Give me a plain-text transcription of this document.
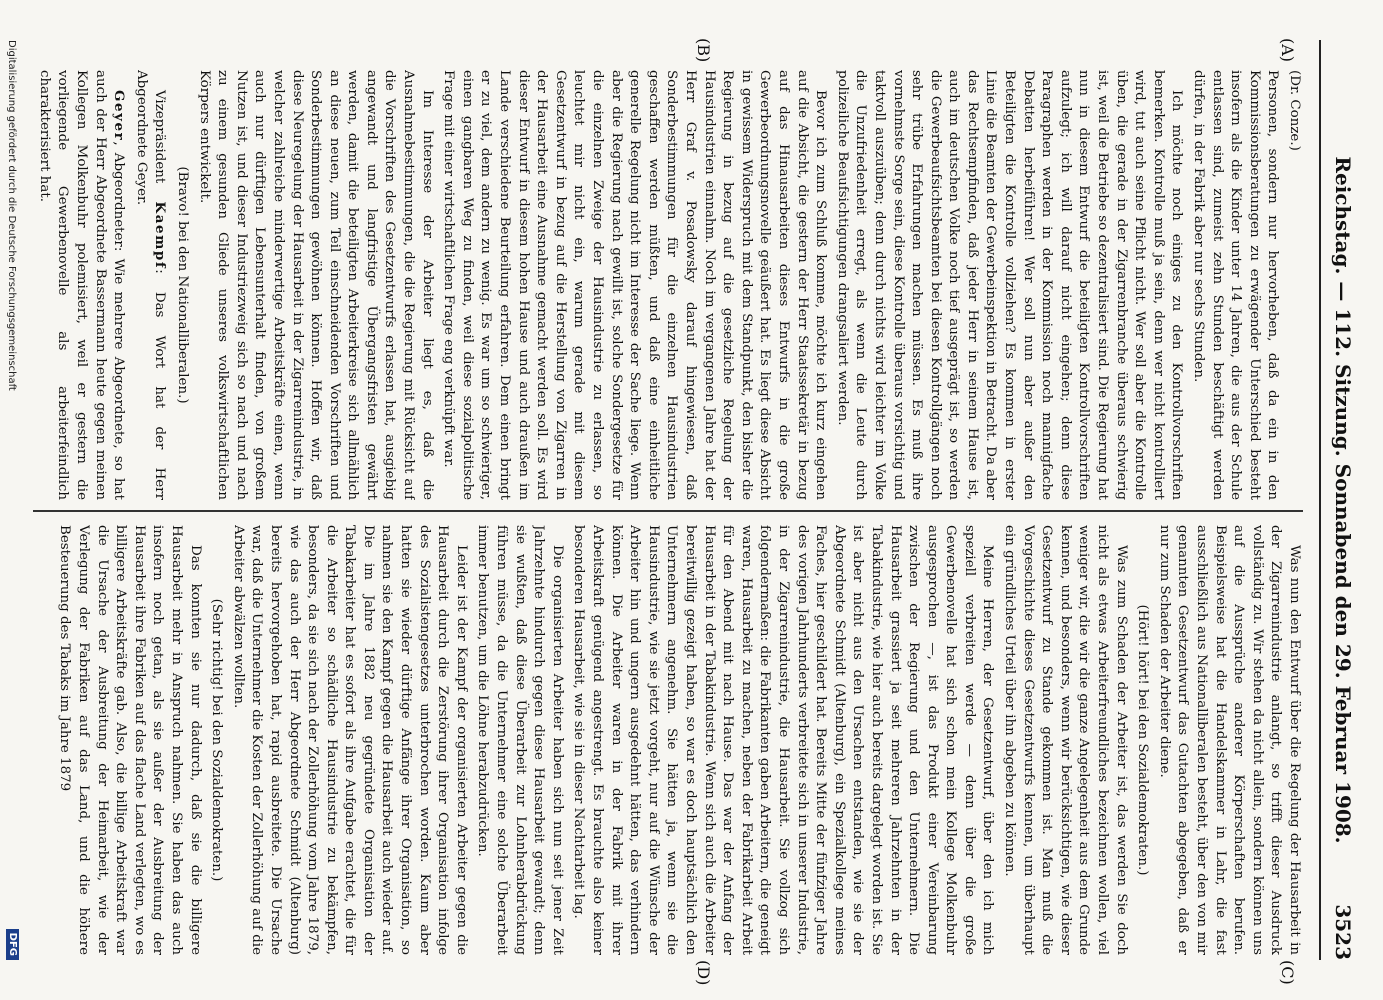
Reichstag. — 112. Sitzung. Sonnabend den 29. Februar 1908.
3523
(A)
(B)
(C)
(D)

(Dr. Conze.)

Personen, sondern nur hervorheben, daß da ein in den Kommissionsberatungen zu erwägender Unterschied besteht insofern als die Kinder unter 14 Jahren, die aus der Schule entlassen sind, zumeist zehn Stunden beschäftigt werden dürfen, in der Fabrik aber nur sechs Stunden.

Ich möchte noch einiges zu den Kontrollvorschriften bemerken. Kontrolle muß ja sein, denn wer nicht kontrolliert wird, tut auch seine Pflicht nicht. Wer soll aber die Kontrolle üben, die gerade in der Zigarrenbranche überaus schwierig ist, weil die Betriebe so dezentralisiert sind. Die Regierung hat nun in diesem Entwurf die beteiligten Kontrollvorschriften aufzulegt; ich will darauf nicht eingehen; denn diese Paragraphen werden in der Kommission noch mannigfache Debatten herbeiführen! Wer soll nun aber außer den Beteiligten die Kontrolle vollziehen? Es kommen in erster Linie die Beamten der Gewerbeinspektion in Betracht. Da aber das Rechtsempfinden, daß jeder Herr in seinem Hause ist, auch im deutschen Volke noch tief ausgeprägt ist, so werden die Gewerbeaufsichtsbeamten bei diesen Kontrollgängen noch sehr trübe Erfahrungen machen müssen. Es muß ihre vornehmste Sorge sein, diese Kontrolle überaus vorsichtig und taktvoll auszuüben; denn durch nichts wird leichter im Volke die Unzufriedenheit erregt, als wenn die Leute durch polizeiliche Beaufsichtigungen drangsaliert werden.

Bevor ich zum Schluß komme, möchte ich kurz eingehen auf die Absicht, die gestern der Herr Staatssekretär in bezug auf das Hinausarbeiten dieses Entwurfs in die große Gewerbeordnungsnovelle geäußert hat. Es liegt diese Absicht in gewissem Widerspruch mit dem Standpunkt, den bisher die Regierung in bezug auf die gesetzliche Regelung der Hausindustrien einnahm. Noch im vergangenen Jahre hat der Herr Graf v. Posadowsky darauf hingewiesen, daß Sonderbestimmungen für die einzelnen Hausindustrien geschaffen werden müßten, und daß eine einheitliche generelle Regelung nicht im Interesse der Sache liege. Wenn aber die Regierung nach gewillt ist, solche Sondergesetze für die einzelnen Zweige der Hausindustrie zu erlassen, so leuchtet mir nicht ein, warum gerade mit diesem Gesetzentwurf in bezug auf die Herstellung von Zigarren in der Hausarbeit eine Ausnahme gemacht werden soll. Es wird dieser Entwurf in diesem hohen Hause und auch draußen im Lande verschiedene Beurteilung erfahren. Dem einen bringt er zu viel, dem andern zu wenig. Es war um so schwieriger, einen gangbaren Weg zu finden, weil diese sozialpolitische Frage mit einer wirtschaftlichen Frage eng verknüpft war.

Im Interesse der Arbeiter liegt es, daß die Ausnahmebestimmungen, die die Regierung mit Rücksicht auf die Vorschriften des Gesetzentwurfs erlassen hat, ausgiebig angewandt und langfristige Übergangsfristen gewährt werden, damit die beteiligten Arbeiterkreise sich allmählich an diese neuen, zum Teil einschneidenden Vorschriften und Sonderbestimmungen gewöhnen können. Hoffen wir, daß diese Neuregelung der Hausarbeit in der Zigarrenindustrie, in welcher zahlreiche minderwertige Arbeitskräfte einen, wenn auch nur dürftigen Lebensunterhalt finden, von großem Nutzen ist, und dieser Industriezweig sich so nach und nach zu einem gesunden Gliede unseres volkswirtschaftlichen Körpers entwickelt.

(Bravo! bei den Nationalliberalen.)

Vizepräsident Kaempf: Das Wort hat der Herr Abgeordnete Geyer.

Geyer, Abgeordneter: Wie mehrere Abgeordnete, so hat auch der Herr Abgeordnete Bassermann heute gegen meinen Kollegen Molkenbuhr polemisiert, weil er gestern die vorliegende Gewerbenovelle als arbeiterfeindlich charakterisiert hat.

Was nun den Entwurf über die Regelung der Hausarbeit in der Zigarrenindustrie anlangt, so trifft dieser Ausdruck vollständig zu. Wir stehen da nicht allein, sondern können uns auf die Aussprüche anderer Körperschaften berufen. Beispielsweise hat die Handelskammer in Lahr, die fast ausschließlich aus Nationalliberalen besteht, über den von mir genannten Gesetzentwurf das Gutachten abgegeben, daß er nur zum Schaden der Arbeiter diene.

(Hört! hört! bei den Sozialdemokraten.)

Was zum Schaden der Arbeiter ist, das werden Sie doch nicht als etwas Arbeiterfreundliches bezeichnen wollen, viel weniger wir, die wir die ganze Angelegenheit aus dem Grunde kennen, und besonders, wenn wir berücksichtigen, wie dieser Gesetzentwurf zu Stande gekommen ist. Man muß die Vorgeschichte dieses Gesetzentwurfs kennen, um überhaupt ein gründliches Urteil über ihn abgeben zu können.

Meine Herren, der Gesetzentwurf, über den ich mich speziell verbreiten werde — denn über die große Gewerbenovelle hat sich schon mein Kollege Molkenbuhr ausgesprochen —, ist das Produkt einer Vereinbarung zwischen der Regierung und den Unternehmern. Die Hausarbeit grassiert ja seit mehreren Jahrzehnten in der Tabakindustrie, wie hier auch bereits dargelegt worden ist. Sie ist aber nicht aus den Ursachen entstanden, wie sie der Abgeordnete Schmidt (Altenburg), ein Spezialkollege meines Faches, hier geschildert hat. Bereits Mitte der fünfziger Jahre des vorigen Jahrhunderts verbreitete sich in unserer Industrie, in der Zigarrenindustrie, die Hausarbeit. Sie vollzog sich folgendermaßen: die Fabrikanten gaben Arbeitern, die geneigt waren, Hausarbeit zu machen, neben der Fabrikarbeit Arbeit für den Abend mit nach Hause. Das war der Anfang der Hausarbeit in der Tabakindustrie. Wenn sich auch die Arbeiter bereitwillig gezeigt haben, so war es doch hauptsächlich den Unternehmern angenehm. Sie hätten ja, wenn sie die Hausindustrie, wie sie jetzt vorgeht, nur auf die Wünsche der Arbeiter hin und ungern ausgedehnt hätten, das verhindern können. Die Arbeiter waren in der Fabrik mit ihrer Arbeitskraft genügend angestrengt. Es brauchte also keiner besonderen Hausarbeit, wie sie in dieser Nachtarbeit lag.

Die organisierten Arbeiter haben sich nun seit jener Zeit Jahrzehnte hindurch gegen diese Hausarbeit gewandt; denn sie wußten, daß diese Überarbeit zur Lohnherabdrückung führen müsse, da die Unternehmer eine solche Überarbeit immer benutzen, um die Löhne herabzudrücken.

Leider ist der Kampf der organisierten Arbeiter gegen die Hausarbeit durch die Zerstörung ihrer Organisation infolge des Sozialistengesetzes unterbrochen worden. Kaum aber hatten sie wieder dürftige Anfänge ihrer Organisation, so nahmen sie den Kampf gegen die Hausarbeit auch wieder auf. Die im Jahre 1882 neu gegründete Organisation der Tabakarbeiter hat es sofort als ihre Aufgabe erachtet, die für die Arbeiter so schädliche Hausindustrie zu bekämpfen, besonders, da sie sich nach der Zollerhöhung vom Jahre 1879, wie das auch der Herr Abgeordnete Schmidt (Altenburg) bereits hervorgehoben hat, rapid ausbreitete. Die Ursache war, daß die Unternehmer die Kosten der Zollerhöhung auf die Arbeiter abwälzen wollten.

(Sehr richtig! bei den Sozialdemokraten.)

Das konnten sie nur dadurch, daß sie die billigere Hausarbeit mehr in Anspruch nahmen. Sie haben das auch insofern noch getan, als sie außer der Ausbreitung der Hausarbeit ihre Fabriken auf das flache Land verlegten, wo es billigere Arbeitskräfte gab. Also, die billige Arbeitskraft war die Ursache der Ausbreitung der Heimarbeit, wie der Verlegung der Fabriken auf das Land, und die höhere Besteuerung des Tabaks im Jahre 1879

Digitalisierung gefördert durch die Deutsche Forschungsgemeinschaft
DFG
